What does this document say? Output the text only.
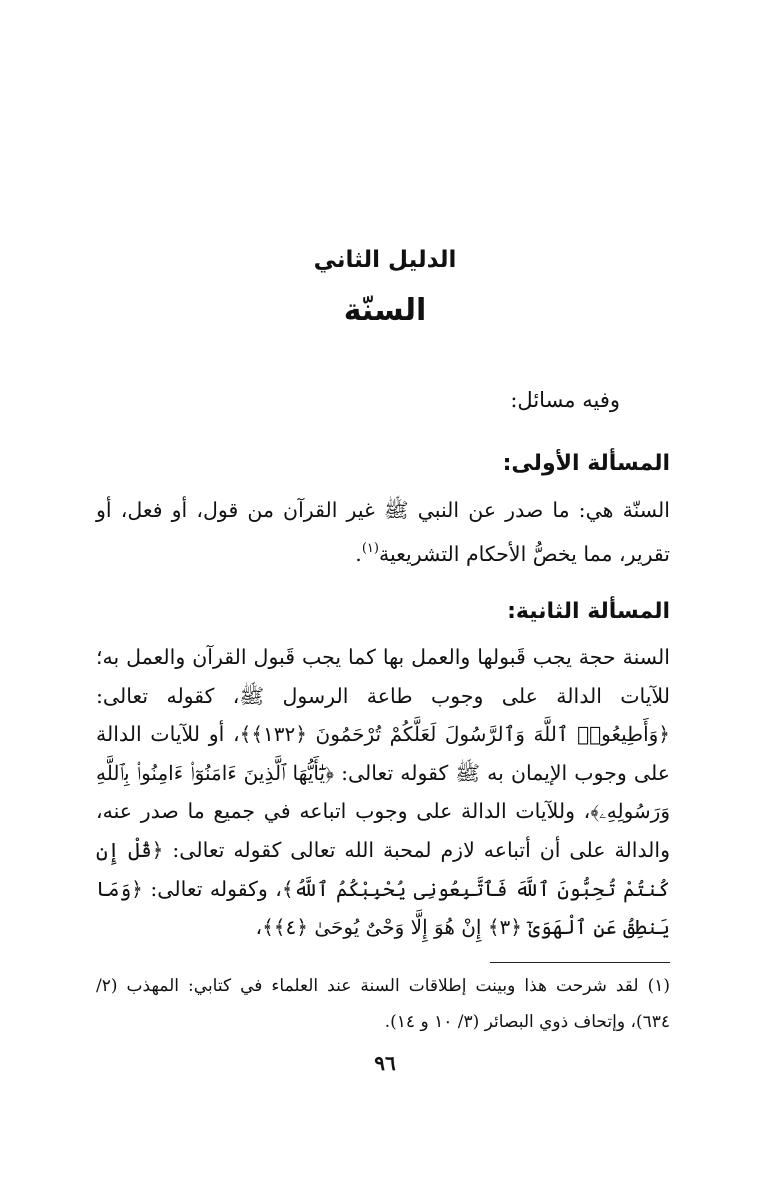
الدليل الثاني
السنّة
وفيه مسائل:
المسألة الأولى:
السنّة هي: ما صدر عن النبي ﷺ غير القرآن من قول، أو فعل، أو تقرير، مما يخصُّ الأحكام التشريعية$^{(١)}$.
المسألة الثانية:
السنة حجة يجب قَبولها والعمل بها كما يجب قَبول القرآن والعمل به؛ للآيات الدالة على وجوب طاعة الرسول ﷺ، كقوله تعالى: ﴿وَأَطِيعُوا۟ ٱللَّهَ وَٱلرَّسُولَ لَعَلَّكُمْ تُرْحَمُونَ ﴿١٣٢﴾﴾، أو للآيات الدالة على وجوب الإيمان به ﷺ كقوله تعالى: ﴿يَٰٓأَيُّهَا ٱلَّذِينَ ءَامَنُوٓا۟ ءَامِنُوا۟ بِٱللَّهِ وَرَسُولِهِۦ﴾، وللآيات الدالة على وجوب اتباعه في جميع ما صدر عنه، والدالة على أن أتباعه لازم لمحبة الله تعالى كقوله تعالى: ﴿قُلْ إِن كُنتُمْ تُحِبُّونَ ٱللَّهَ فَٱتَّبِعُونِى يُحْبِبْكُمُ ٱللَّهُ﴾، وكقوله تعالى: ﴿وَمَا يَنطِقُ عَنِ ٱلْهَوَىٰٓ ﴿٣﴾ إِنْ هُوَ إِلَّا وَحْىٌ يُوحَىٰ ﴿٤﴾﴾،
(١) لقد شرحت هذا وبينت إطلاقات السنة عند العلماء في كتابي: المهذب (٢/ ٦٣٤)، وإتحاف ذوي البصائر (٣/ ١٠ و ١٤).
٩٦
